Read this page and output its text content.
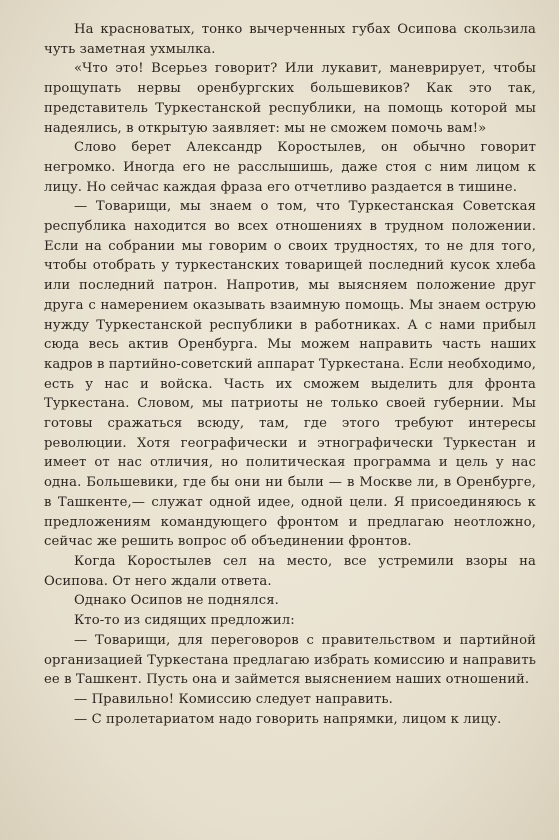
На красноватых, тонко вычерченных губах Осипова скользила чуть заметная ухмылка.

«Что это! Всерьез говорит? Или лукавит, маневрирует, чтобы прощупать нервы оренбургских большевиков? Как это так, представитель Туркестанской республики, на помощь которой мы надеялись, в открытую заявляет: мы не сможем помочь вам!»

Слово берет Александр Коростылев, он обычно говорит негромко. Иногда его не расслышишь, даже стоя с ним лицом к лицу. Но сейчас каждая фраза его отчетливо раздается в тишине.

— Товарищи, мы знаем о том, что Туркестанская Советская республика находится во всех отношениях в трудном положении. Если на собрании мы говорим о своих трудностях, то не для того, чтобы отобрать у туркестанских товарищей последний кусок хлеба или последний патрон. Напротив, мы выясняем положение друг друга с намерением оказывать взаимную помощь. Мы знаем острую нужду Туркестанской республики в работниках. А с нами прибыл сюда весь актив Оренбурга. Мы можем направить часть наших кадров в партийно-советский аппарат Туркестана. Если необходимо, есть у нас и войска. Часть их сможем выделить для фронта Туркестана. Словом, мы патриоты не только своей губернии. Мы готовы сражаться всюду, там, где этого требуют интересы революции. Хотя географически и этнографически Туркестан и имеет от нас отличия, но политическая программа и цель у нас одна. Большевики, где бы они ни были — в Москве ли, в Оренбурге, в Ташкенте,— служат одной идее, одной цели. Я присоединяюсь к предложениям командующего фронтом и предлагаю неотложно, сейчас же решить вопрос об объединении фронтов.

Когда Коростылев сел на место, все устремили взоры на Осипова. От него ждали ответа.

Однако Осипов не поднялся.

Кто-то из сидящих предложил:

— Товарищи, для переговоров с правительством и партийной организацией Туркестана предлагаю избрать комиссию и направить ее в Ташкент. Пусть она и займется выяснением наших отношений.

— Правильно! Комиссию следует направить.

— С пролетариатом надо говорить напрямки, лицом к лицу.
